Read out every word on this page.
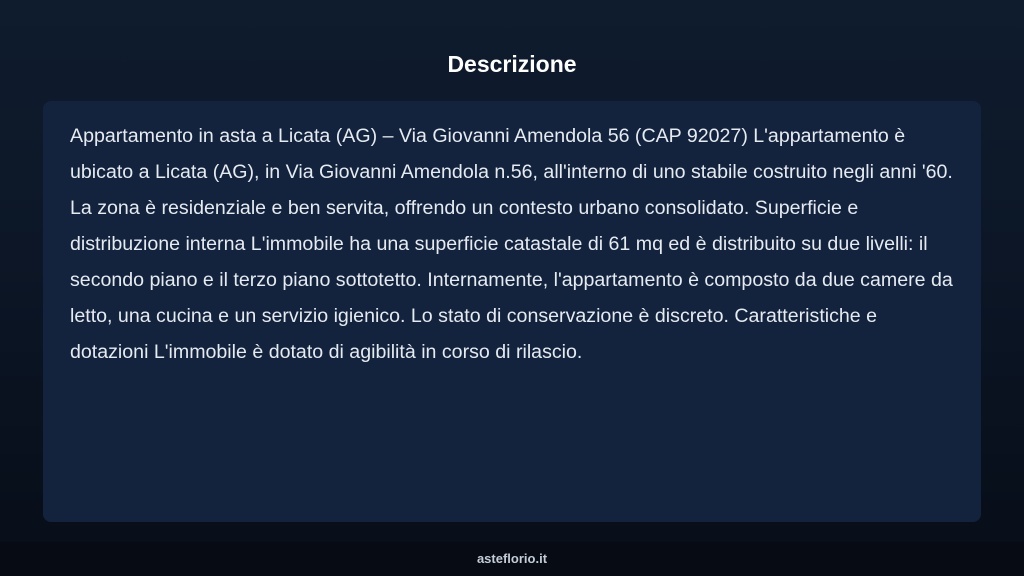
Descrizione

Appartamento in asta a Licata (AG) – Via Giovanni Amendola 56 (CAP 92027) L'appartamento è ubicato a Licata (AG), in Via Giovanni Amendola n.56, all'interno di uno stabile costruito negli anni '60. La zona è residenziale e ben servita, offrendo un contesto urbano consolidato. Superficie e distribuzione interna L'immobile ha una superficie catastale di 61 mq ed è distribuito su due livelli: il secondo piano e il terzo piano sottotetto. Internamente, l'appartamento è composto da due camere da letto, una cucina e un servizio igienico. Lo stato di conservazione è discreto. Caratteristiche e dotazioni L'immobile è dotato di agibilità in corso di rilascio.

asteflorio.it
